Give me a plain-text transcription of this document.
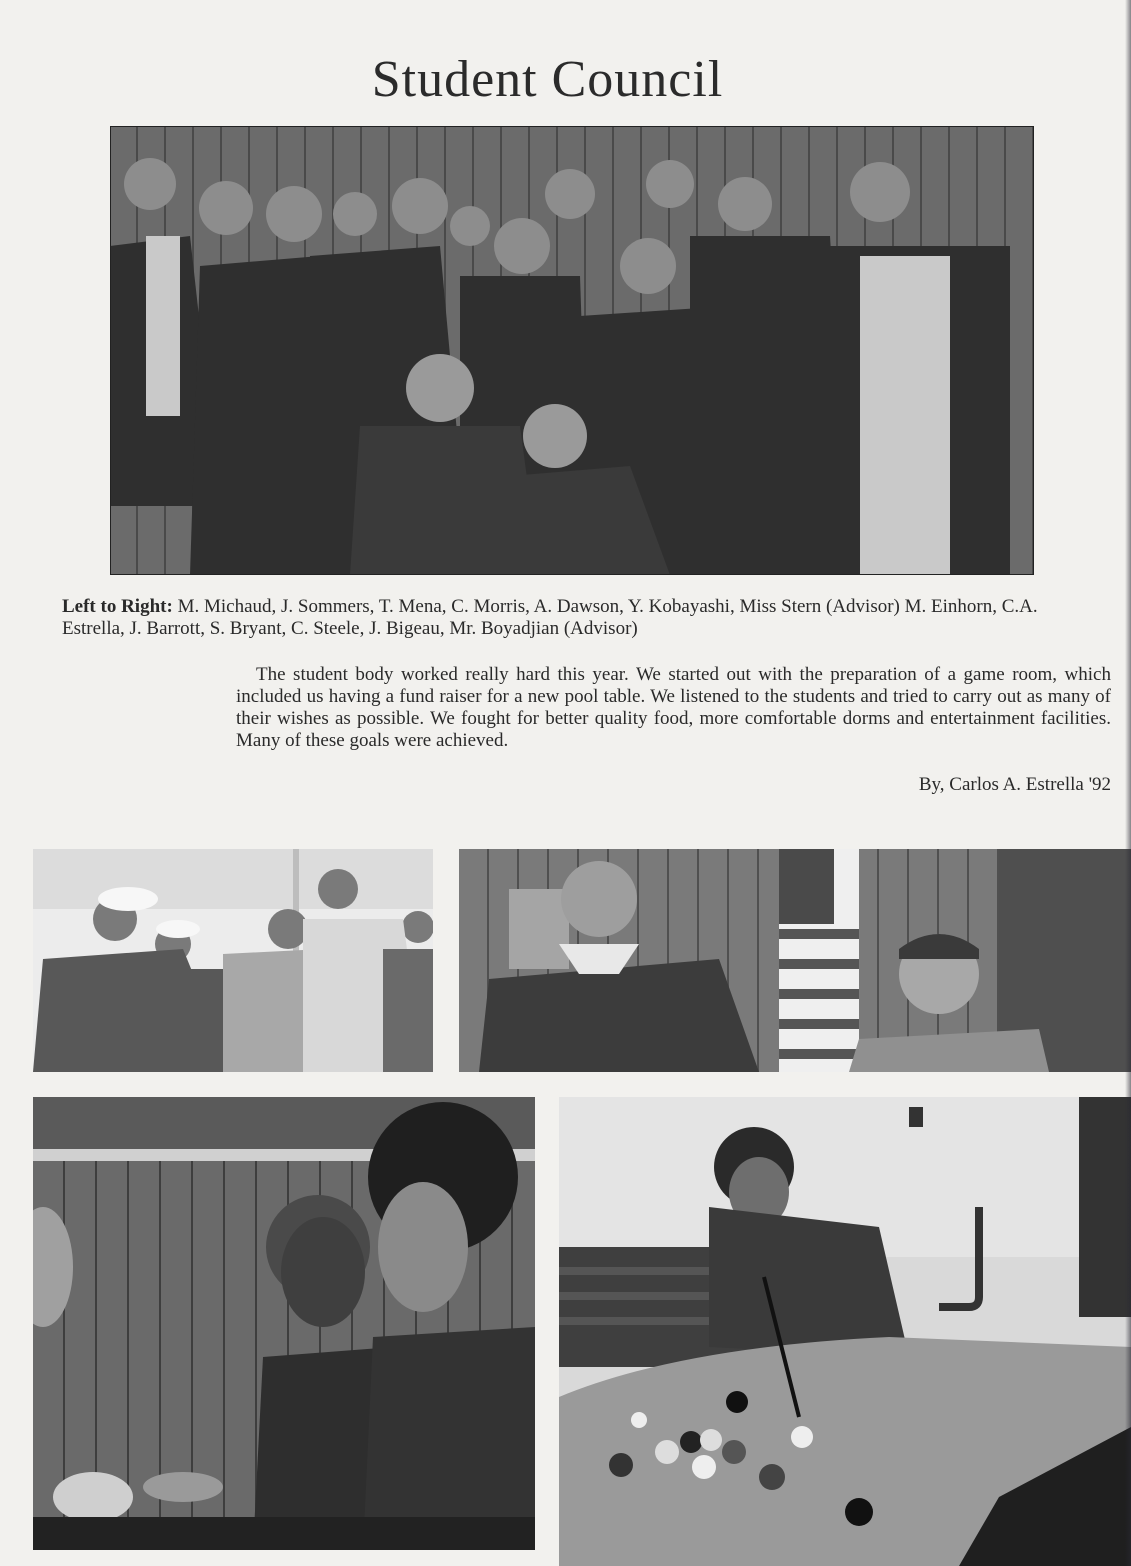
Student Council
Left to Right: M. Michaud, J. Sommers, T. Mena, C. Morris, A. Dawson, Y. Kobayashi, Miss Stern (Advisor) M. Einhorn, C.A. Estrella, J. Barrott, S. Bryant, C. Steele, J. Bigeau, Mr. Boyadjian (Advisor)

The student body worked really hard this year. We started out with the preparation of a game room, which included us having a fund raiser for a new pool table. We listened to the students and tried to carry out as many of their wishes as possible. We fought for better quality food, more comfortable dorms and entertainment facilities. Many of these goals were achieved.

By, Carlos A. Estrella '92
